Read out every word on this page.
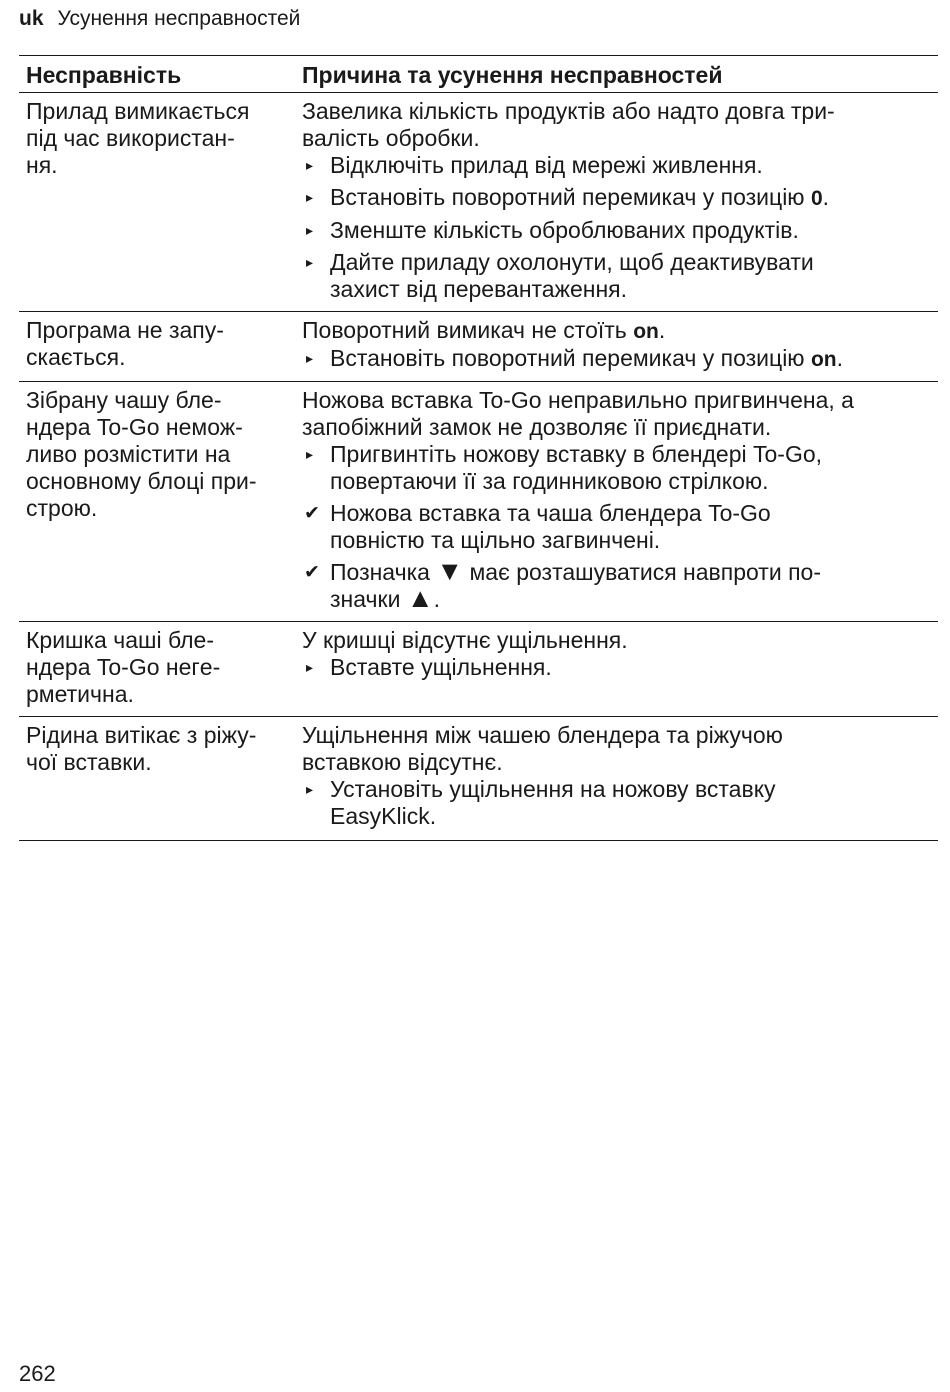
uk Усунення несправностей
Несправність	Причина та усунення несправностей
Прилад вимикається
під час використан-
ня.
Завелика кількість продуктів або надто довга три-
валість обробки.
▸ Відключіть прилад від мережі живлення.
▸ Встановіть поворотний перемикач у позицію 0.
▸ Зменште кількість оброблюваних продуктів.
▸ Дайте приладу охолонути, щоб деактивувати
захист від перевантаження.
Програма не запу-
скається.
Поворотний вимикач не стоїть on.
▸ Встановіть поворотний перемикач у позицію on.
Зібрану чашу бле-
ндера To-Go немож-
ливо розмістити на
основному блоці при-
строю.
Ножова вставка To-Go неправильно пригвинчена, а
запобіжний замок не дозволяє її приєднати.
▸ Пригвинтіть ножову вставку в блендері To-Go,
повертаючи її за годинниковою стрілкою.
✔ Ножова вставка та чаша блендера To-Go
повністю та щільно загвинчені.
✔ Позначка ▼ має розташуватися навпроти по-
значки ▲.
Кришка чаші бле-
ндера To-Go негe-
рметична.
У кришці відсутнє ущільнення.
▸ Вставте ущільнення.
Рідина витікає з ріжу-
чої вставки.
Ущільнення між чашею блендера та ріжучою
вставкою відсутнє.
▸ Установіть ущільнення на ножову вставку
EasyKlick.
262
